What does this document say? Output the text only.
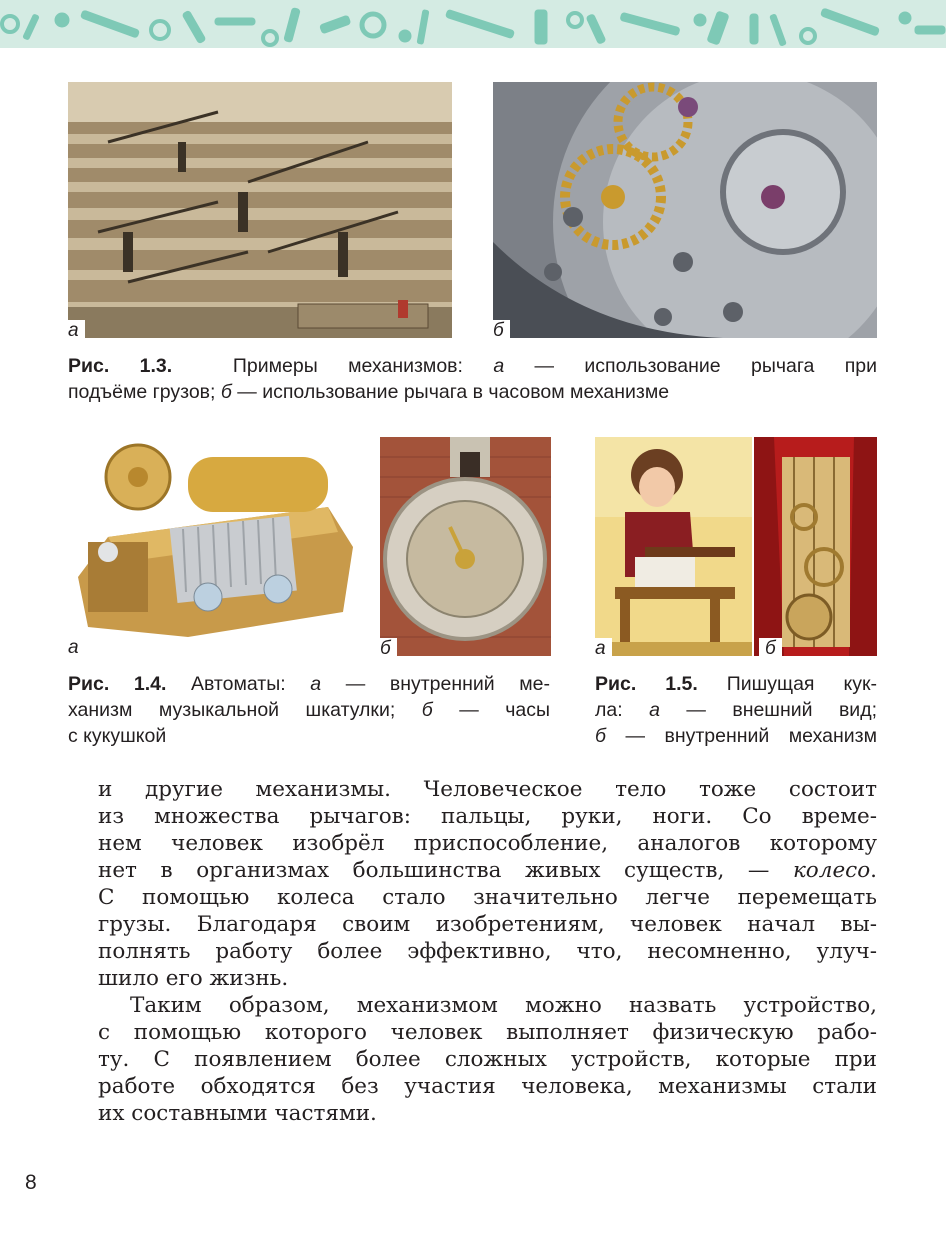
а	б
Рис. 1.3.	Примеры механизмов: а — использование рычага при
подъёме грузов; б — использование рычага в часовом механизме
а	б
Рис. 1.4. Автоматы: а — внутренний ме-
ханизм музыкальной шкатулки; б — часы
с кукушкой
а	б
Рис. 1.5. Пишущая кук-
ла: а — внешний вид;
б — внутренний механизм

и другие механизмы. Человеческое тело тоже состоит
из множества рычагов: пальцы, руки, ноги. Со време-
нем человек изобрёл приспособление, аналогов которому
нет в организмах большинства живых существ, — колесо.
С помощью колеса стало значительно легче перемещать
грузы. Благодаря своим изобретениям, человек начал вы-
полнять работу более эффективно, что, несомненно, улуч-
шило его жизнь.

Таким образом, механизмом можно назвать устройство,
с помощью которого человек выполняет физическую рабо-
ту. С появлением более сложных устройств, которые при
работе обходятся без участия человека, механизмы стали
их составными частями.

8
